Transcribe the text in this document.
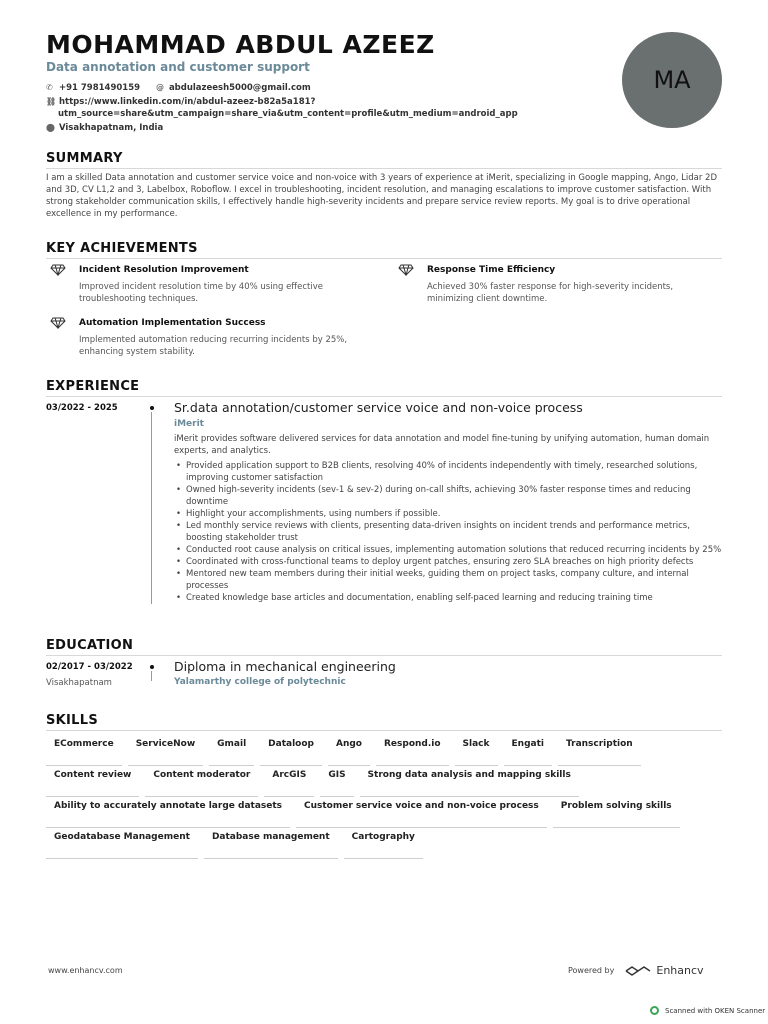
MOHAMMAD ABDUL AZEEZ
Data annotation and customer support
✆ +91 7981490159 @ abdulazeesh5000@gmail.com
⛓ https://www.linkedin.com/in/abdul-azeez-b82a5a181?
utm_source=share&utm_campaign=share_via&utm_content=profile&utm_medium=android_app
⬤ Visakhapatnam, India
MA
SUMMARY
I am a skilled Data annotation and customer service voice and non-voice with 3 years of experience at iMerit, specializing in Google mapping, Ango, Lidar 2D and 3D, CV L1,2 and 3, Labelbox, Roboflow. I excel in troubleshooting, incident resolution, and managing escalations to improve customer satisfaction. With strong stakeholder communication skills, I effectively handle high-severity incidents and prepare service review reports. My goal is to drive operational excellence in my performance.
KEY ACHIEVEMENTS
Incident Resolution Improvement
Improved incident resolution time by 40% using effective troubleshooting techniques.
Response Time Efficiency
Achieved 30% faster response for high-severity incidents, minimizing client downtime.
Automation Implementation Success
Implemented automation reducing recurring incidents by 25%, enhancing system stability.
EXPERIENCE
03/2022 - 2025	Sr.data annotation/customer service voice and non-voice process
iMerit
iMerit provides software delivered services for data annotation and model fine-tuning by unifying automation, human domain experts, and analytics.
• Provided application support to B2B clients, resolving 40% of incidents independently with timely, researched solutions, improving customer satisfaction
• Owned high-severity incidents (sev-1 & sev-2) during on-call shifts, achieving 30% faster response times and reducing downtime
• Highlight your accomplishments, using numbers if possible.
• Led monthly service reviews with clients, presenting data-driven insights on incident trends and performance metrics, boosting stakeholder trust
• Conducted root cause analysis on critical issues, implementing automation solutions that reduced recurring incidents by 25%
• Coordinated with cross-functional teams to deploy urgent patches, ensuring zero SLA breaches on high priority defects
• Mentored new team members during their initial weeks, guiding them on project tasks, company culture, and internal processes
• Created knowledge base articles and documentation, enabling self-paced learning and reducing training time
EDUCATION
02/2017 - 03/2022
Visakhapatnam
Diploma in mechanical engineering
Yalamarthy college of polytechnic
SKILLS
ECommerce	ServiceNow	Gmail	Dataloop	Ango	Respond.io	Slack	Engati	Transcription
Content review	Content moderator	ArcGIS	GIS	Strong data analysis and mapping skills
Ability to accurately annotate large datasets	Customer service voice and non-voice process	Problem solving skills
Geodatabase Management	Database management	Cartography
www.enhancv.com	Powered by	Enhancv
Scanned with OKEN Scanner
